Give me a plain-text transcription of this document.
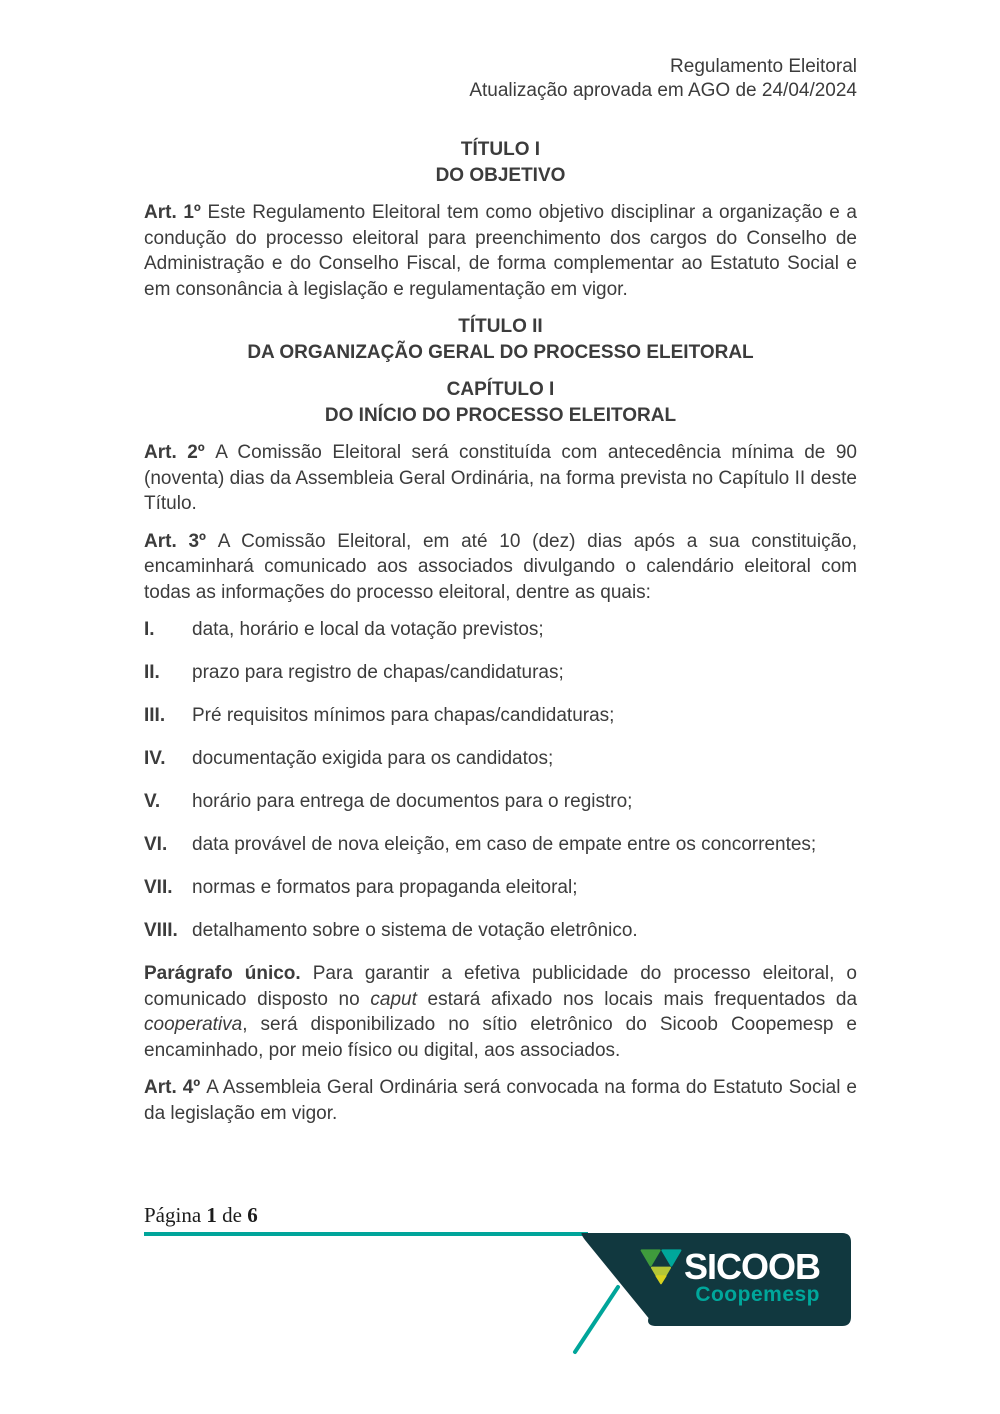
Regulamento Eleitoral
Atualização aprovada em AGO de 24/04/2024
TÍTULO I
DO OBJETIVO

Art. 1º Este Regulamento Eleitoral tem como objetivo disciplinar a organização e a condução do processo eleitoral para preenchimento dos cargos do Conselho de Administração e do Conselho Fiscal, de forma complementar ao Estatuto Social e em consonância à legislação e regulamentação em vigor.

TÍTULO II
DA ORGANIZAÇÃO GERAL DO PROCESSO ELEITORAL
CAPÍTULO I
DO INÍCIO DO PROCESSO ELEITORAL

Art. 2º A Comissão Eleitoral será constituída com antecedência mínima de 90 (noventa) dias da Assembleia Geral Ordinária, na forma prevista no Capítulo II deste Título.

Art. 3º A Comissão Eleitoral, em até 10 (dez) dias após a sua constituição, encaminhará comunicado aos associados divulgando o calendário eleitoral com todas as informações do processo eleitoral, dentre as quais:

I.	data, horário e local da votação previstos;
II.	prazo para registro de chapas/candidaturas;
III.	Pré requisitos mínimos para chapas/candidaturas;
IV.	documentação exigida para os candidatos;
V.	horário para entrega de documentos para o registro;
VI.	data provável de nova eleição, em caso de empate entre os concorrentes;
VII.	normas e formatos para propaganda eleitoral;
VIII. detalhamento sobre o sistema de votação eletrônico.

Parágrafo único. Para garantir a efetiva publicidade do processo eleitoral, o comunicado disposto no caput estará afixado nos locais mais frequentados da cooperativa, será disponibilizado no sítio eletrônico do Sicoob Coopemesp e encaminhado, por meio físico ou digital, aos associados.

Art. 4º A Assembleia Geral Ordinária será convocada na forma do Estatuto Social e da legislação em vigor.

Página 1 de 6
SICOOB
Coopemesp
